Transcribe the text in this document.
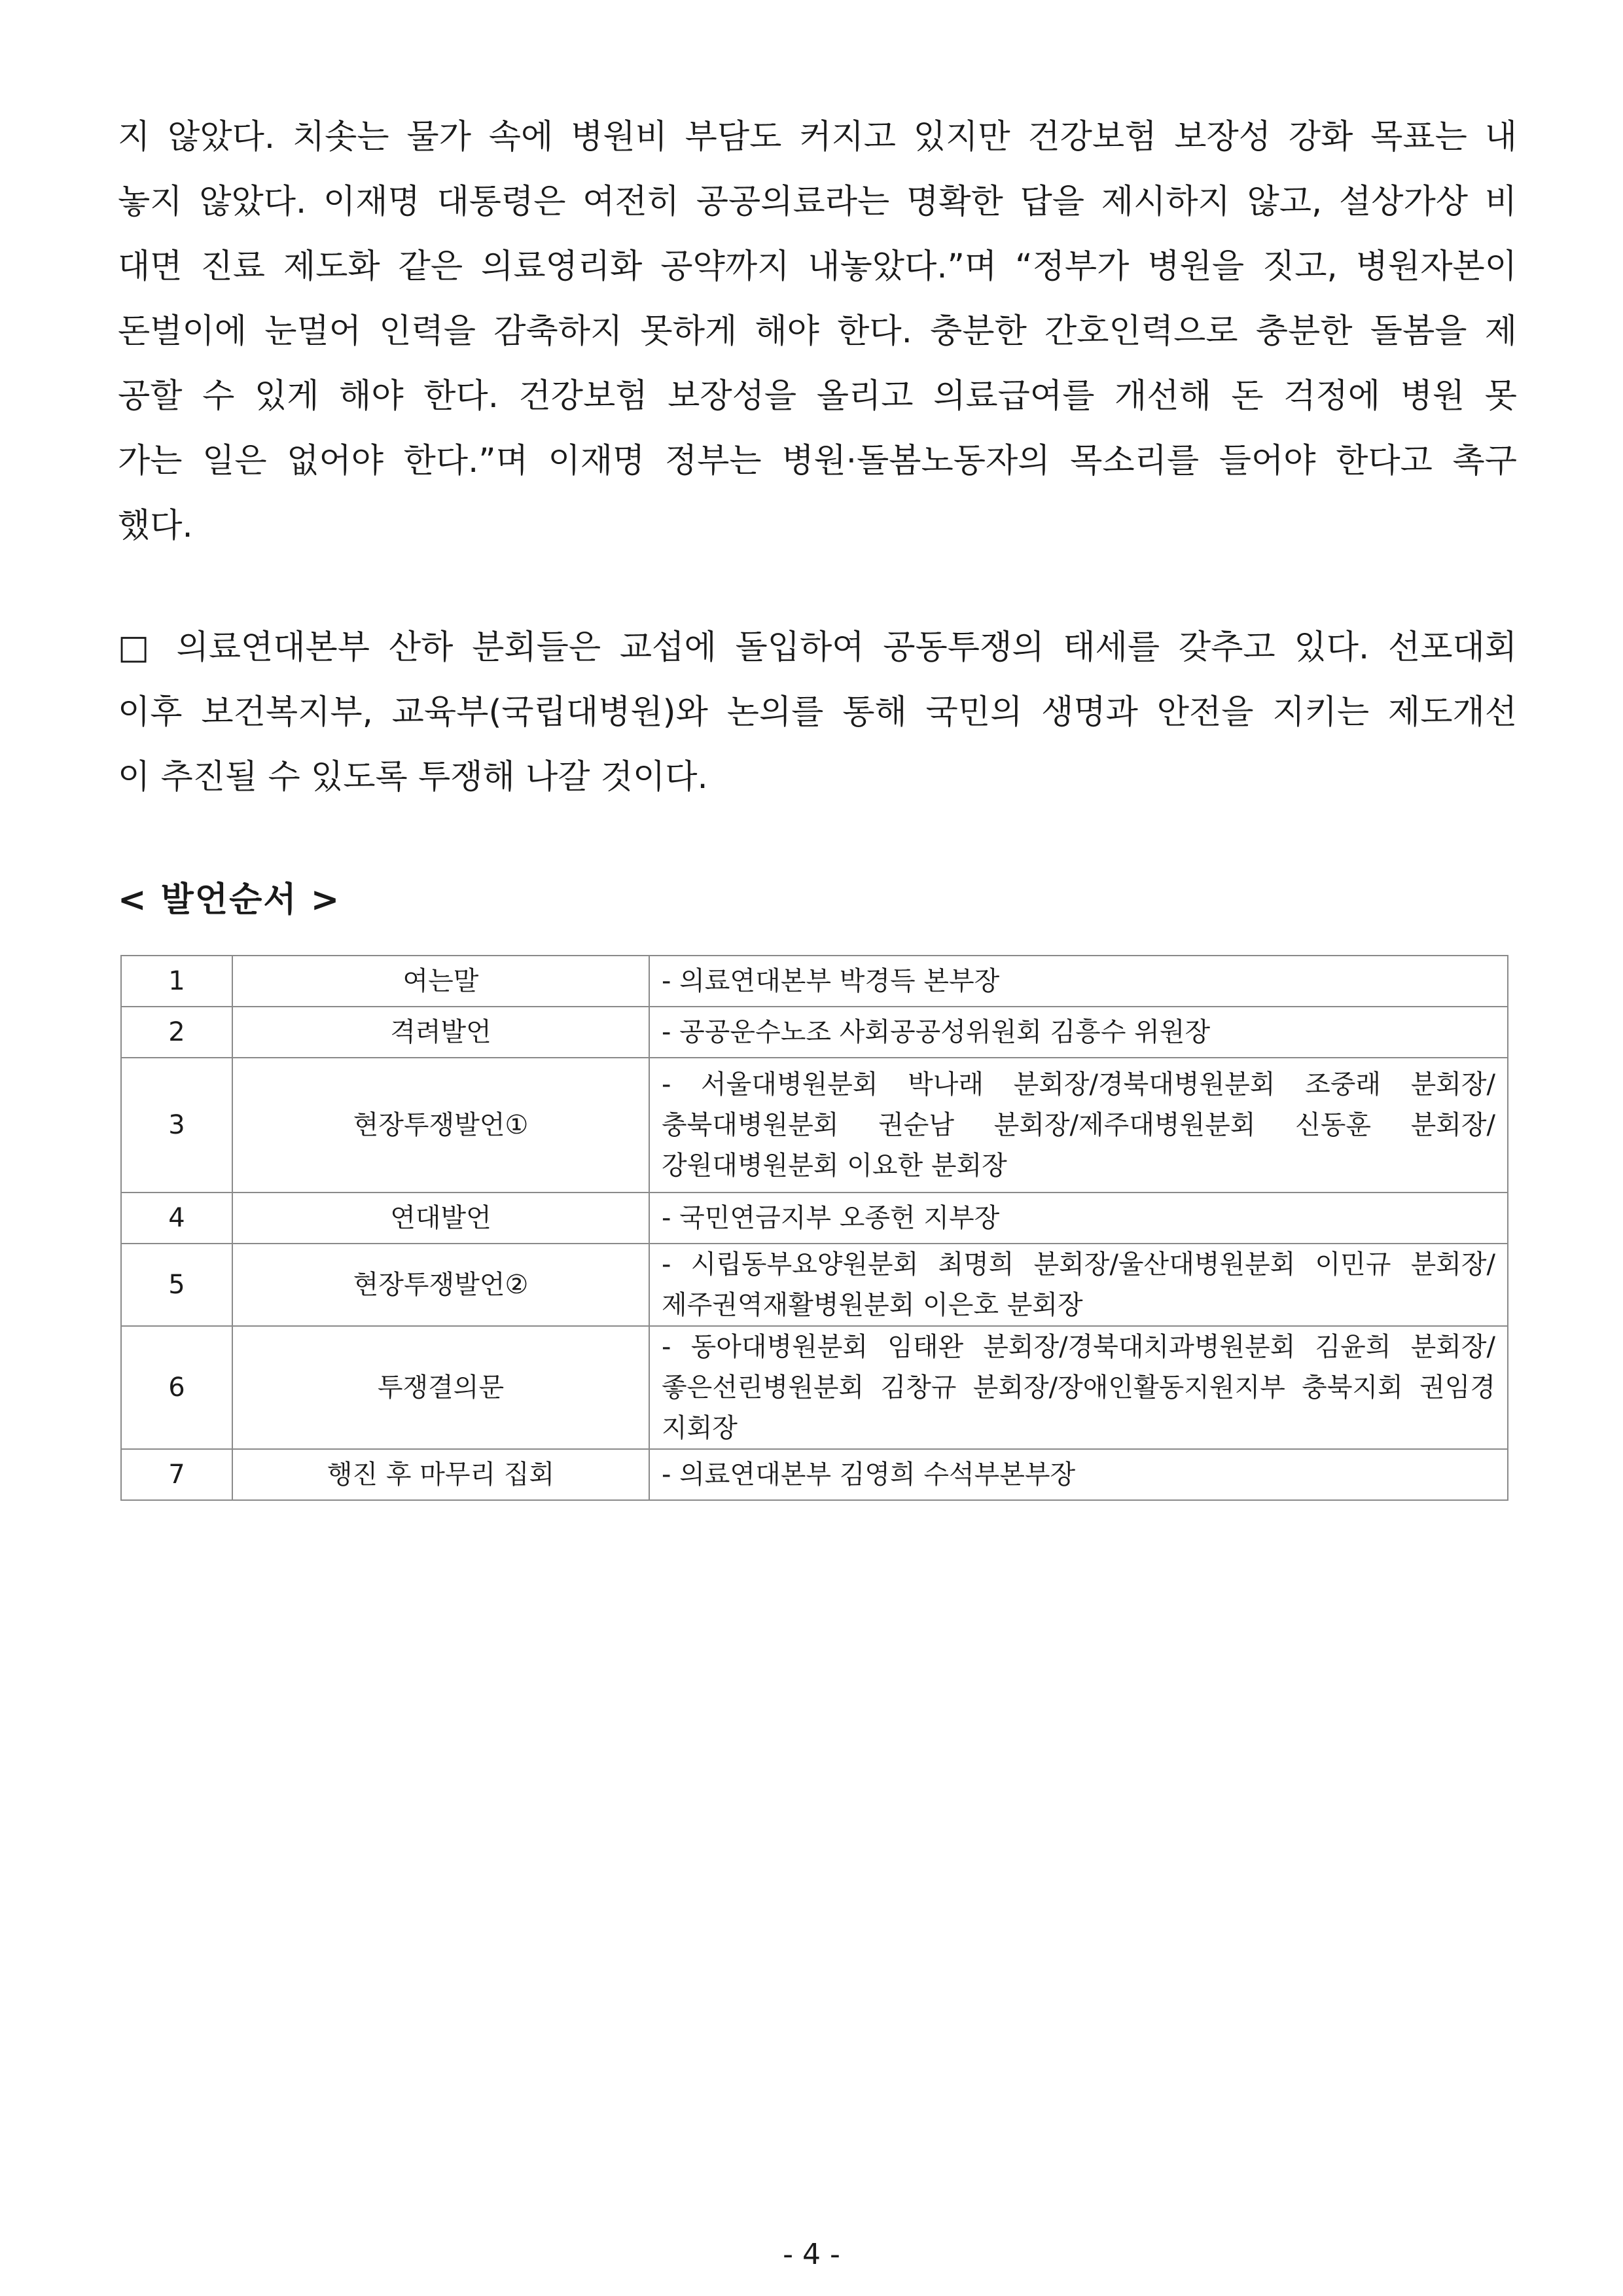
지 않았다. 치솟는 물가 속에 병원비 부담도 커지고 있지만 건강보험 보장성 강화 목표는 내
놓지 않았다. 이재명 대통령은 여전히 공공의료라는 명확한 답을 제시하지 않고, 설상가상 비
대면 진료 제도화 같은 의료영리화 공약까지 내놓았다.”며 “정부가 병원을 짓고, 병원자본이
돈벌이에 눈멀어 인력을 감축하지 못하게 해야 한다. 충분한 간호인력으로 충분한 돌봄을 제
공할 수 있게 해야 한다. 건강보험 보장성을 올리고 의료급여를 개선해 돈 걱정에 병원 못
가는 일은 없어야 한다.”며 이재명 정부는 병원·돌봄노동자의 목소리를 들어야 한다고 촉구
했다.
□ 의료연대본부 산하 분회들은 교섭에 돌입하여 공동투쟁의 태세를 갖추고 있다. 선포대회
이후 보건복지부, 교육부(국립대병원)와 논의를 통해 국민의 생명과 안전을 지키는 제도개선
이 추진될 수 있도록 투쟁해 나갈 것이다.
< 발언순서 >
1	여는말	- 의료연대본부 박경득 본부장
2	격려발언	- 공공운수노조 사회공공성위원회 김흥수 위원장
3	현장투쟁발언①	- 서울대병원분회 박나래 분회장/경북대병원분회 조중래 분회장/충북대병원분회 권순남 분회장/제주대병원분회 신동훈 분회장/강원대병원분회 이요한 분회장
4	연대발언	- 국민연금지부 오종헌 지부장
5	현장투쟁발언②	- 시립동부요양원분회 최명희 분회장/울산대병원분회 이민규 분회장/제주권역재활병원분회 이은호 분회장
6	투쟁결의문	- 동아대병원분회 임태완 분회장/경북대치과병원분회 김윤희 분회장/좋은선린병원분회 김창규 분회장/장애인활동지원지부 충북지회 권임경 지회장
7	행진 후 마무리 집회	- 의료연대본부 김영희 수석부본부장
- 4 -
